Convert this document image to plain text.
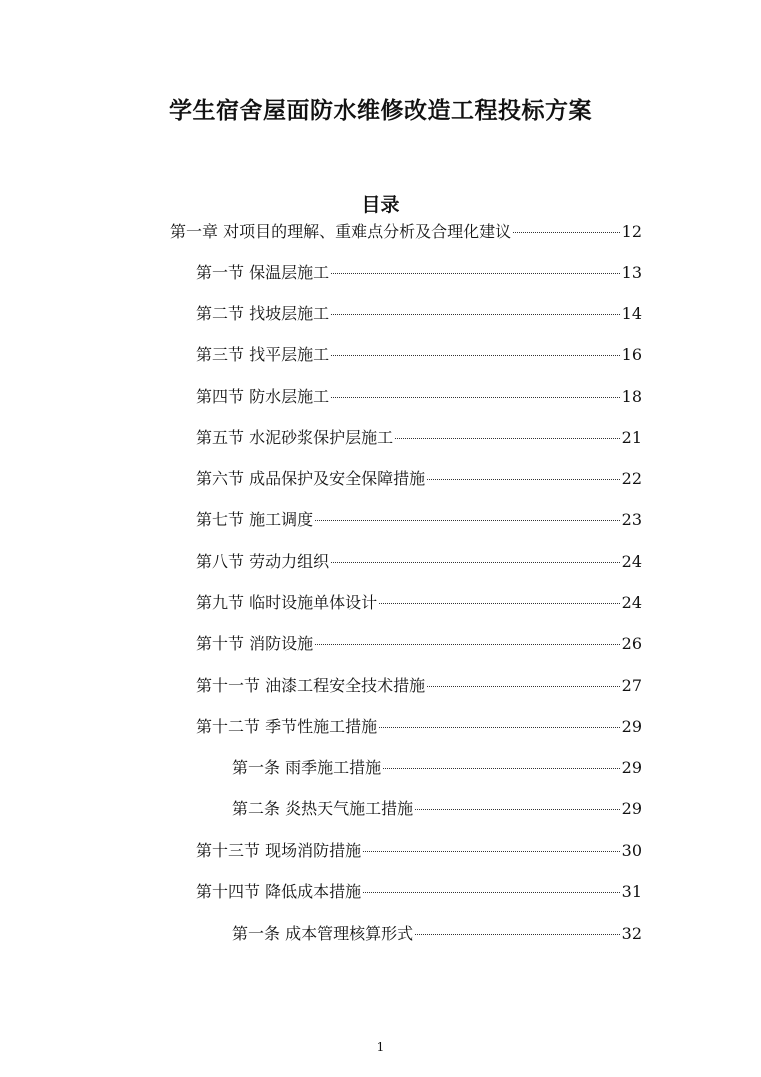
学生宿舍屋面防水维修改造工程投标方案
目录
第一章 对项目的理解、重难点分析及合理化建议	12
第一节 保温层施工	13
第二节 找坡层施工	14
第三节 找平层施工	16
第四节 防水层施工	18
第五节 水泥砂浆保护层施工	21
第六节 成品保护及安全保障措施	22
第七节 施工调度	23
第八节 劳动力组织	24
第九节 临时设施单体设计	24
第十节 消防设施	26
第十一节 油漆工程安全技术措施	27
第十二节 季节性施工措施	29
第一条 雨季施工措施	29
第二条 炎热天气施工措施	29
第十三节 现场消防措施	30
第十四节 降低成本措施	31
第一条 成本管理核算形式	32
1
